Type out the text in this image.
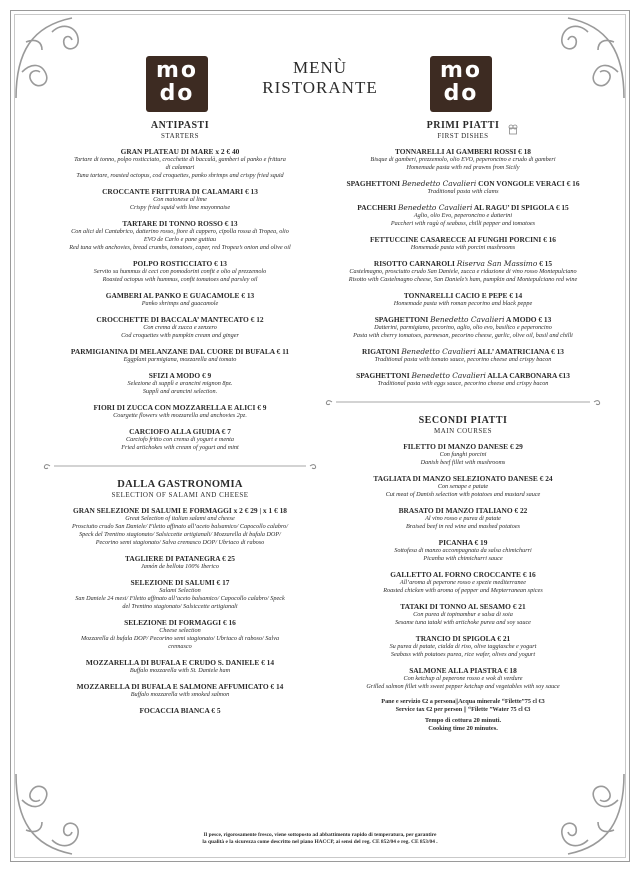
mo
do
mo
do
MENÙ
RISTORANTE
ANTIPASTI
STARTERS
GRAN PLATEAU DI MARE x 2 € 40
Tartare di tonno, polpo rosticciato, crocchette di baccalà, gamberi al panko e frittura
di calamari
Tuna tartare, roasted octopus, cod croquettes, panko shrimps and crispy fried squid
CROCCANTE FRITTURA DI CALAMARI € 13
Con maionese al lime
Crispy fried squid with lime mayonnaise
TARTARE DI TONNO ROSSO € 13
Con alici del Cantabrico, datterino rosso, fiore di cappero, cipolla rossa di Tropea, olio
EVO de Carlo e pane guttiau
Red tuna with anchovies, bread crumbs, tomatoes, caper, red Tropea’s onion and olive oil
POLPO ROSTICCIATO € 13
Servito su hummus di ceci con pomodorini confit e olio al prezzemolo
Roasted octopus with hummus, confit tomatoes and parsley oil
GAMBERI AL PANKO E GUACAMOLE € 13
Panko shrimps and guacamole
CROCCHETTE DI BACCALA’ MANTECATO € 12
Con crema di zucca e zenzero
Cod croquettes with pumpkin cream and ginger
PARMIGIANINA DI MELANZANE DAL CUORE DI BUFALA € 11
Eggplant parmigiana, mozzarella and tomato
SFIZI A MODO € 9
Selezione di supplì e arancini mignon 8pz.
Supplì and arancini selection.
FIORI DI ZUCCA CON MOZZARELLA E ALICI € 9
Courgette flowers with mozzarella and anchovies 2pz.
CARCIOFO ALLA GIUDIA € 7
Carciofo fritto con crema di yogurt e menta
Fried artichokes with cream of yogurt and mint
DALLA GASTRONOMIA
SELECTION OF SALAMI AND CHEESE
GRAN SELEZIONE DI SALUMI E FORMAGGI x 2 € 29 | x 1 € 18
Great Selection of italian salami and cheese
Prosciutto crudo San Daniele/ Filetto affinato all’aceto balsamico/ Capocollo calabro/
Speck del Trentino stagionato/ Salsiccette artigianali/ Mozzarella di bufala DOP/
Pecorino semi stagionato/ Salva cremasco DOP/ Ubriaco di raboso
TAGLIERE DI PATANEGRA € 25
Jamón de bellota 100% Iberico
SELEZIONE DI SALUMI € 17
Salami Selection
San Daniele 24 mesi/ Filetto affinato all’aceto balsamico/ Capocollo calabro/ Speck
del Trentino stagionato/ Salsiccette artigianali
SELEZIONE DI FORMAGGI € 16
Cheese selection
Mozzarella di bufala DOP/ Pecorino semi stagionato/ Ubriaco di raboso/ Salva
cremasco
MOZZARELLA DI BUFALA E CRUDO S. DANIELE € 14
Buffalo mozzarella with St. Daniele ham
MOZZARELLA DI BUFALA E SALMONE AFFUMICATO € 14
Buffalo mozzarella with smoked salmon
FOCACCIA BIANCA € 5
PRIMI PIATTI
FIRST DISHES
TONNARELLI AI GAMBERI ROSSI € 18
Bisque di gamberi, prezzemolo, olio EVO, peperoncino e crudo di gamberi
Homemade pasta with red prawns from Sicily
SPAGHETTONI Benedetto Cavalieri CON VONGOLE VERACI € 16
Traditional pasta with clams
PACCHERI Benedetto Cavalieri AL RAGU’ DI SPIGOLA € 15
Aglio, olio Evo, peperoncino e datterini
Paccheri with ragù of seabass, chilli pepper and tomatoes
FETTUCCINE CASARECCE AI FUNGHI PORCINI € 16
Homemade pasta with porcini mushrooms
RISOTTO CARNAROLI Riserva San Massimo € 15
Castelmagno, prosciutto crudo San Daniele, zucca e riduzione di vino rosso Montepulciano
Risotto with Castelmagno cheese, San Daniele’s ham, pumpkin and Montepulciano red wine
TONNARELLI CACIO E PEPE € 14
Homemade pasta with roman pecorino and black peppe
SPAGHETTONI Benedetto Cavalieri A MODO € 13
Datterini, parmigiano, pecorino, aglio, olio evo, basilico e peperoncino
Pasta with cherry tomatoes, parmesan, pecorino cheese, garlic, olive oil, basil and chilli
RIGATONI Benedetto Cavalieri ALL’ AMATRICIANA € 13
Traditional pasta with tomato sauce, pecorino cheese and crispy bacon
SPAGHETTONI Benedetto Cavalieri ALLA CARBONARA €13
Traditional pasta with eggs sauce, pecorino cheese and crispy bacon
SECONDI PIATTI
MAIN COURSES
FILETTO DI MANZO DANESE € 29
Con funghi porcini
Danish beef fillet with mushrooms
TAGLIATA DI MANZO SELEZIONATO DANESE € 24
Con senape e patate
Cut meat of Danish selection with potatoes and mustard sauce
BRASATO DI MANZO ITALIANO € 22
Al vino rosso e purea di patate
Braised beef in red wine and mashed potatoes
PICANHA € 19
Sottofesa di manzo accompagnata da salsa chimichurri
Picanha with chimichurri sauce
GALLETTO AL FORNO CROCCANTE € 16
All’aroma di peperone rosso e spezie mediterranee
Roasted chicken with aroma of pepper and Mepterranean spices
TATAKI DI TONNO AL SESAMO € 21
Con purea di topinambur e salsa di soia
Sesame tuna tataki with artichoke purea and soy sauce
TRANCIO DI SPIGOLA € 21
Su purea di patate, cialda di riso, olive taggiasche e yogurt
Seabass with potatoes purea, rice wafer, olives and yogurt
SALMONE ALLA PIASTRA € 18
Con ketchup al peperone rosso e wok di verdure
Grilled salmon fillet with sweet pepper ketchup and vegetables with soy sauce
Pane e servizio €2 a persona||Acqua minerale “Filette”75 cl €3
Service tax €2 per person || “Filette ”Water 75 cl €3
Tempo di cottura 20 minuti.
Cooking time 20 minutes.
Il pesce, rigorosamente fresco, viene sottoposto ad abbattimento rapido di temperatura, per garantire
la qualità e la sicurezza come descritto nel piano HACCP, ai sensi del reg. CE 852/04 e reg. CE 853/04 .
